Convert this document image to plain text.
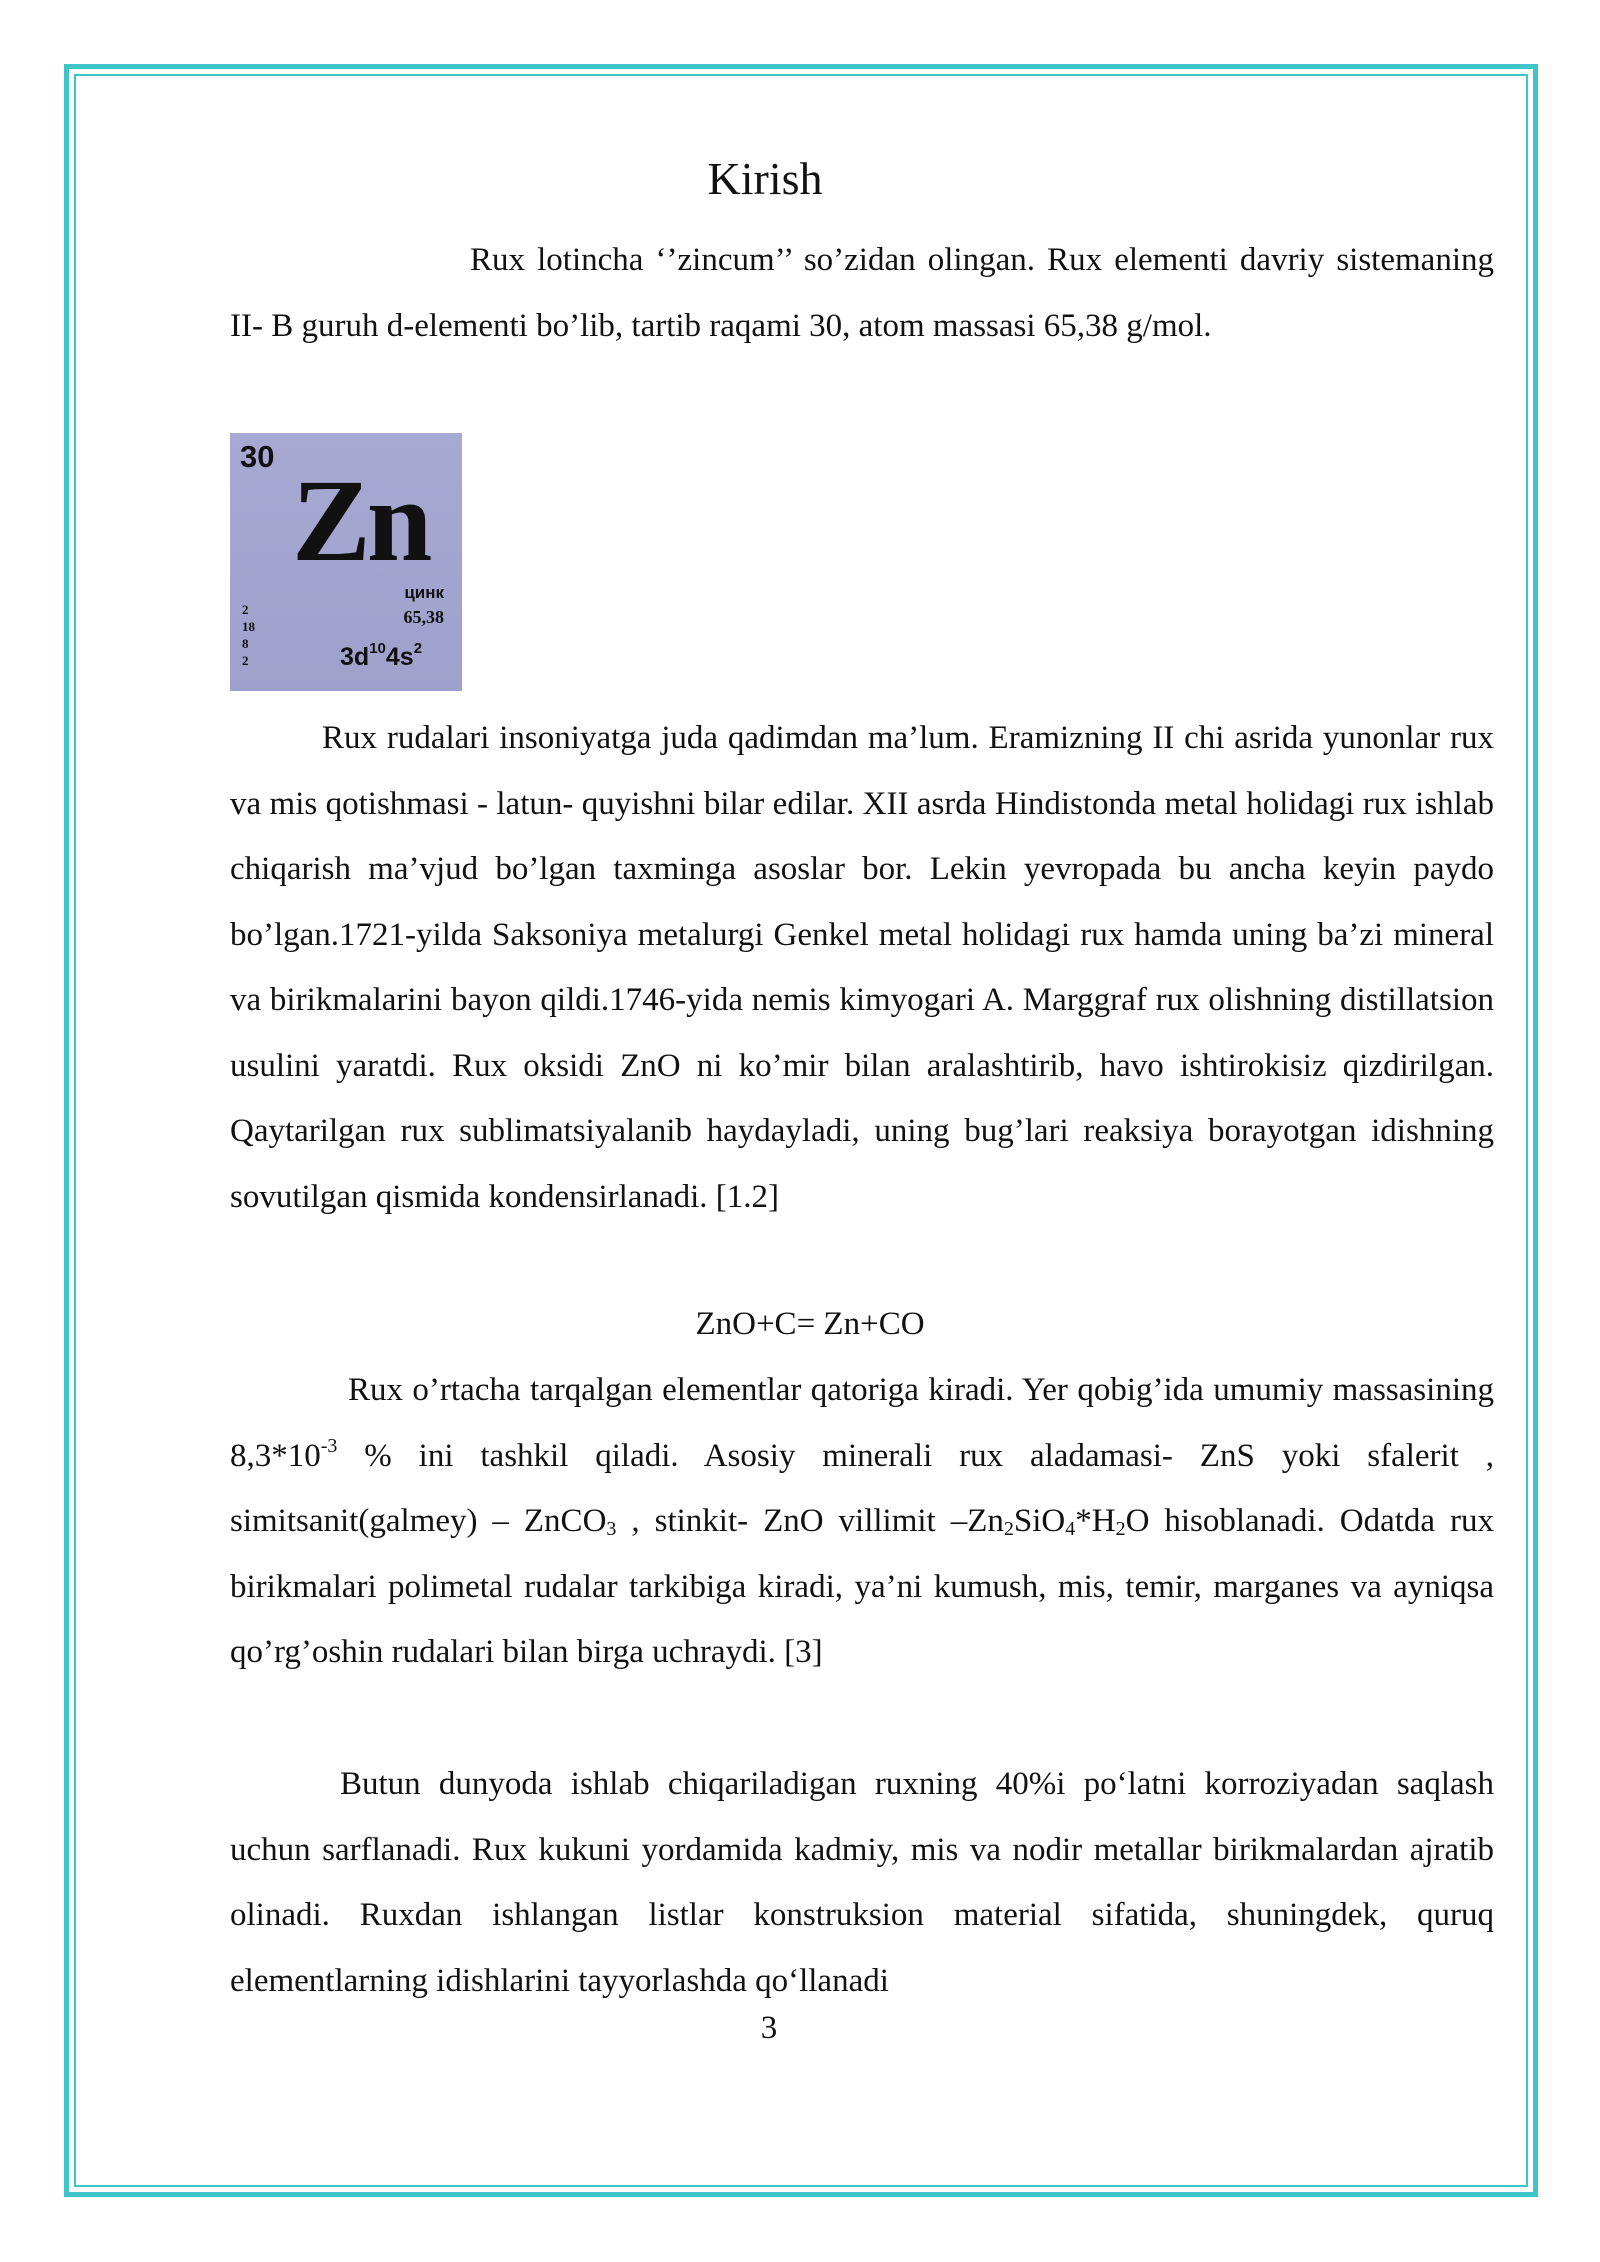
Kirish

Rux lotincha ‘’zincum’’ so’zidan olingan. Rux elementi davriy sistemaning II- B guruh d-elementi bo’lib, tartib raqami 30, atom massasi 65,38 g/mol.

Rux rudalari insoniyatga juda qadimdan ma’lum. Eramizning II chi asrida yunonlar rux va mis qotishmasi - latun- quyishni bilar edilar. XII asrda Hindistonda metal holidagi rux ishlab chiqarish ma’vjud bo’lgan taxminga asoslar bor. Lekin yevropada bu ancha keyin paydo bo’lgan.1721-yilda Saksoniya metalurgi Genkel metal holidagi rux hamda uning ba’zi mineral va birikmalarini bayon qildi.1746-yida nemis kimyogari A. Marggraf rux olishning distillatsion usulini yaratdi. Rux oksidi ZnO ni ko’mir bilan aralashtirib, havo ishtirokisiz qizdirilgan. Qaytarilgan rux sublimatsiyalanib haydayladi, uning bug’lari reaksiya borayotgan idishning sovutilgan qismida kondensirlanadi. [1.2]

ZnO+C= Zn+CO

Rux o’rtacha tarqalgan elementlar qatoriga kiradi. Yer qobig’ida umumiy massasining $8,3*10^{-3}$ % ini tashkil qiladi. Asosiy minerali rux aladamasi- ZnS yoki sfalerit , simitsanit(galmey) – ZnCO$_3$ , stinkit- ZnO villimit $-Zn_2SiO_4*H_2O$ hisoblanadi. Odatda rux birikmalari polimetal rudalar tarkibiga kiradi, ya’ni kumush, mis, temir, marganes va ayniqsa qo’rg’oshin rudalari bilan birga uchraydi. [3]

Butun dunyoda ishlab chiqariladigan ruxning 40%i po‘latni korroziyadan saqlash uchun sarflanadi. Rux kukuni yordamida kadmiy, mis va nodir metallar birikmalardan ajratib olinadi. Ruxdan ishlangan listlar konstruksion material sifatida, shuningdek, quruq elementlarning idishlarini tayyorlashda qo‘llanadi

3
30 Zn
цинк
65,38
2
18
8
2	$3d^{10}4s^2$
